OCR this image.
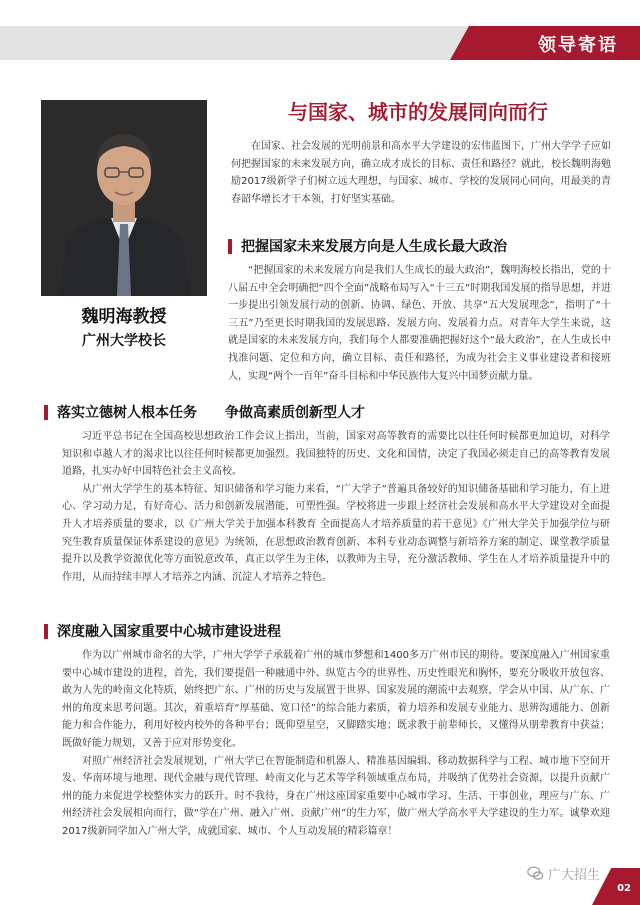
领导寄语
魏明海教授
广州大学校长
与国家、城市的发展同向而行

在国家、社会发展的光明前景和高水平大学建设的宏伟蓝图下，广州大学学子应如何把握国家的未来发展方向，确立成才成长的目标、责任和路径？就此，校长魏明海勉励2017级新学子们树立远大理想，与国家、城市、学校的发展同心同向，用最美的青春韶华增长才干本领，打好坚实基础。

把握国家未来发展方向是人生成长最大政治

“把握国家的未来发展方向是我们人生成长的最大政治”，魏明海校长指出，党的十八届五中全会明确把“四个全面”战略布局写入“十三五”时期我国发展的指导思想，并进一步提出引领发展行动的创新、协调、绿色、开放、共享“五大发展理念”，指明了“十三五”乃至更长时期我国的发展思路、发展方向、发展着力点。对青年大学生来说，这就是国家的未来发展方向，我们每个人都要准确把握好这个“最大政治”，在人生成长中找准问题、定位和方向，确立目标、责任和路径，为成为社会主义事业建设者和接班人，实现“两个一百年”奋斗目标和中华民族伟大复兴中国梦贡献力量。

落实立德树人根本任务　　争做高素质创新型人才

习近平总书记在全国高校思想政治工作会议上指出，当前，国家对高等教育的需要比以往任何时候都更加迫切，对科学知识和卓越人才的渴求比以往任何时候都更加强烈。我国独特的历史、文化和国情，决定了我国必须走自己的高等教育发展道路，扎实办好中国特色社会主义高校。

从广州大学学生的基本特征、知识储备和学习能力来看，“广大学子”普遍具备较好的知识储备基础和学习能力，有上进心、学习动力足，有好奇心、活力和创新发展潜能，可塑性强。学校将进一步跟上经济社会发展和高水平大学建设对全面提升人才培养质量的要求，以《广州大学关于加强本科教育 全面提高人才培养质量的若干意见》《广州大学关于加强学位与研究生教育质量保证体系建设的意见》为统领，在思想政治教育创新、本科专业动态调整与新培养方案的制定、课堂教学质量提升以及教学资源优化等方面锐意改革，真正以学生为主体，以教师为主导，充分激活教师、学生在人才培养质量提升中的作用，从而持续丰厚人才培养之内涵、沉淀人才培养之特色。

深度融入国家重要中心城市建设进程

作为以广州城市命名的大学，广州大学学子承载着广州的城市梦想和1400多万广州市民的期待。要深度融入广州国家重要中心城市建设的进程，首先，我们要提倡一种融通中外、纵览古今的世界性、历史性眼光和胸怀，要充分吸收开放包容、敢为人先的岭南文化特质，始终把广东、广州的历史与发展置于世界、国家发展的潮流中去观察，学会从中国、从广东、广州的角度来思考问题。其次，着重培育“厚基础、宽口径”的综合能力素质，着力培养和发展专业能力、思辨沟通能力、创新能力和合作能力，利用好校内校外的各种平台；既仰望星空，又脚踏实地；既求教于前辈师长，又懂得从朋辈教育中获益；既做好能力规划，又善于应对形势变化。

对照广州经济社会发展规划，广州大学已在智能制造和机器人、精准基因编辑、移动数据科学与工程、城市地下空间开发、华南环境与地理、现代金融与现代管理、岭南文化与艺术等学科领域重点布局，并吸纳了优势社会资源，以提升贡献广州的能力来促进学校整体实力的跃升。时不我待，身在广州这座国家重要中心城市学习、生活、干事创业，理应与广东、广州经济社会发展相向而行，做“学在广州、融入广州、贡献广州”的生力军，做广州大学高水平大学建设的生力军。诚挚欢迎2017级新同学加入广州大学，成就国家、城市、个人互动发展的精彩篇章！

广大招生
02
